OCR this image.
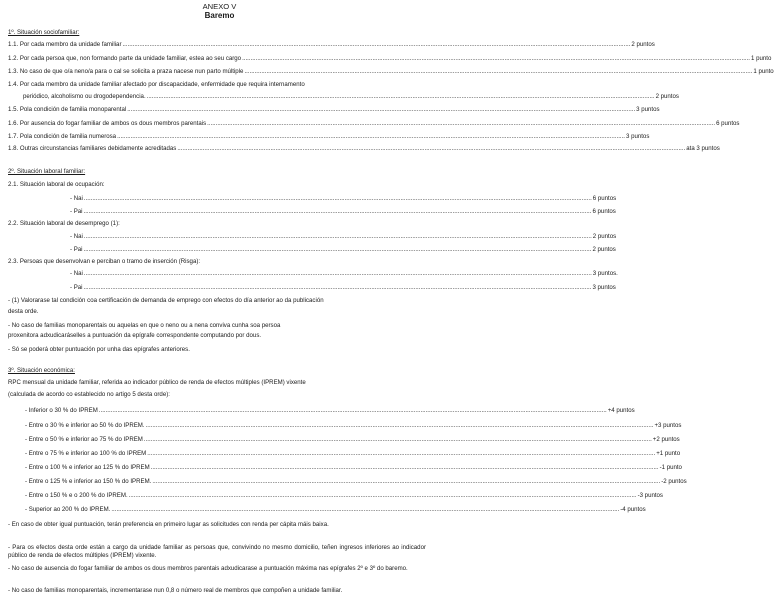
ANEXO V
Baremo
1º. Situación sociofamiliar:
1.1. Por cada membro da unidade familiar ............................................................................................................................................................................................................................................................................................................ 2 puntos
1.2. Por cada persoa que, non formando parte da unidade familiar, estea ao seu cargo ............................................................................................................................................................................................................................................................................................................ 1 punto
1.3. No caso de que o/a neno/a para o cal se solicita a praza nacese nun parto múltiple ............................................................................................................................................................................................................................................................................................................ 1 punto
1.4. Por cada membro da unidade familiar afectado por discapacidade, enfermidade que requira internamento
periódico, alcoholismo ou drogodependencia. ............................................................................................................................................................................................................................................................................................................ 2 puntos
1.5. Pola condición de familia monoparental ............................................................................................................................................................................................................................................................................................................ 3 puntos
1.6. Por ausencia do fogar familiar de ambos os dous membros parentais ............................................................................................................................................................................................................................................................................................................ 6 puntos
1.7. Pola condición de familia numerosa ............................................................................................................................................................................................................................................................................................................ 3 puntos
1.8. Outras circunstancias familiares debidamente acreditadas ............................................................................................................................................................................................................................................................................................................ ata 3 puntos
2º. Situación laboral familiar:
2.1. Situación laboral de ocupación:
- Nai ............................................................................................................................................................................................................................................................................................................ 6 puntos
- Pai ............................................................................................................................................................................................................................................................................................................ 6 puntos
2.2. Situación laboral de desemprego (1):
- Nai ............................................................................................................................................................................................................................................................................................................ 2 puntos
- Pai ............................................................................................................................................................................................................................................................................................................ 2 puntos
2.3. Persoas que desenvolvan e perciban o tramo de inserción (Risga):
- Nai ............................................................................................................................................................................................................................................................................................................ 3 puntos.
- Pai ............................................................................................................................................................................................................................................................................................................ 3 puntos
- (1) Valorarase tal condición coa certificación de demanda de emprego con efectos do día anterior ao da publicación
desta orde.
- No caso de familias monoparentais ou aquelas en que o neno ou a nena conviva cunha soa persoa
proxenitora adxudicaráselles a puntuación da epígrafe correspondente computando por dous.
- Só se poderá obter puntuación por unha das epígrafes anteriores.
3º. Situación económica:
RPC mensual da unidade familiar, referida ao indicador público de renda de efectos múltiples (IPREM) vixente
(calculada de acordo co establecido no artigo 5 desta orde):
- Inferior o 30 % do IPREM ............................................................................................................................................................................................................................................................................................................ +4 puntos
- Entre o 30 % e inferior ao 50 % do IPREM. ............................................................................................................................................................................................................................................................................................................ +3 puntos
- Entre o 50 % e inferior ao 75 % do IPREM ............................................................................................................................................................................................................................................................................................................ +2 puntos
- Entre o 75 % e inferior ao 100 % do IPREM ............................................................................................................................................................................................................................................................................................................ +1 punto
- Entre o 100 % e inferior ao 125 % do IPREM ............................................................................................................................................................................................................................................................................................................ -1 punto
- Entre o 125 % e inferior ao 150 % do IPREM. ............................................................................................................................................................................................................................................................................................................ -2 puntos
- Entre o 150 % e o 200 % do IPREM. ............................................................................................................................................................................................................................................................................................................ -3 puntos
- Superior ao 200 % do IPREM. ............................................................................................................................................................................................................................................................................................................ -4 puntos
- En caso de obter igual puntuación, terán preferencia en primeiro lugar as solicitudes con renda per cápita máis baixa.
- Para os efectos desta orde están a cargo da unidade familiar as persoas que, convivindo no mesmo domicilio, teñen ingresos inferiores ao indicador público de renda de efectos múltiples (IPREM) vixente.
- No caso de ausencia do fogar familiar de ambos os dous membros parentais adxudicarase a puntuación máxima nas epígrafes 2º e 3º do baremo.
- No caso de familias monoparentais, incrementarase nun 0,8 o número real de membros que compoñen a unidade familiar.
